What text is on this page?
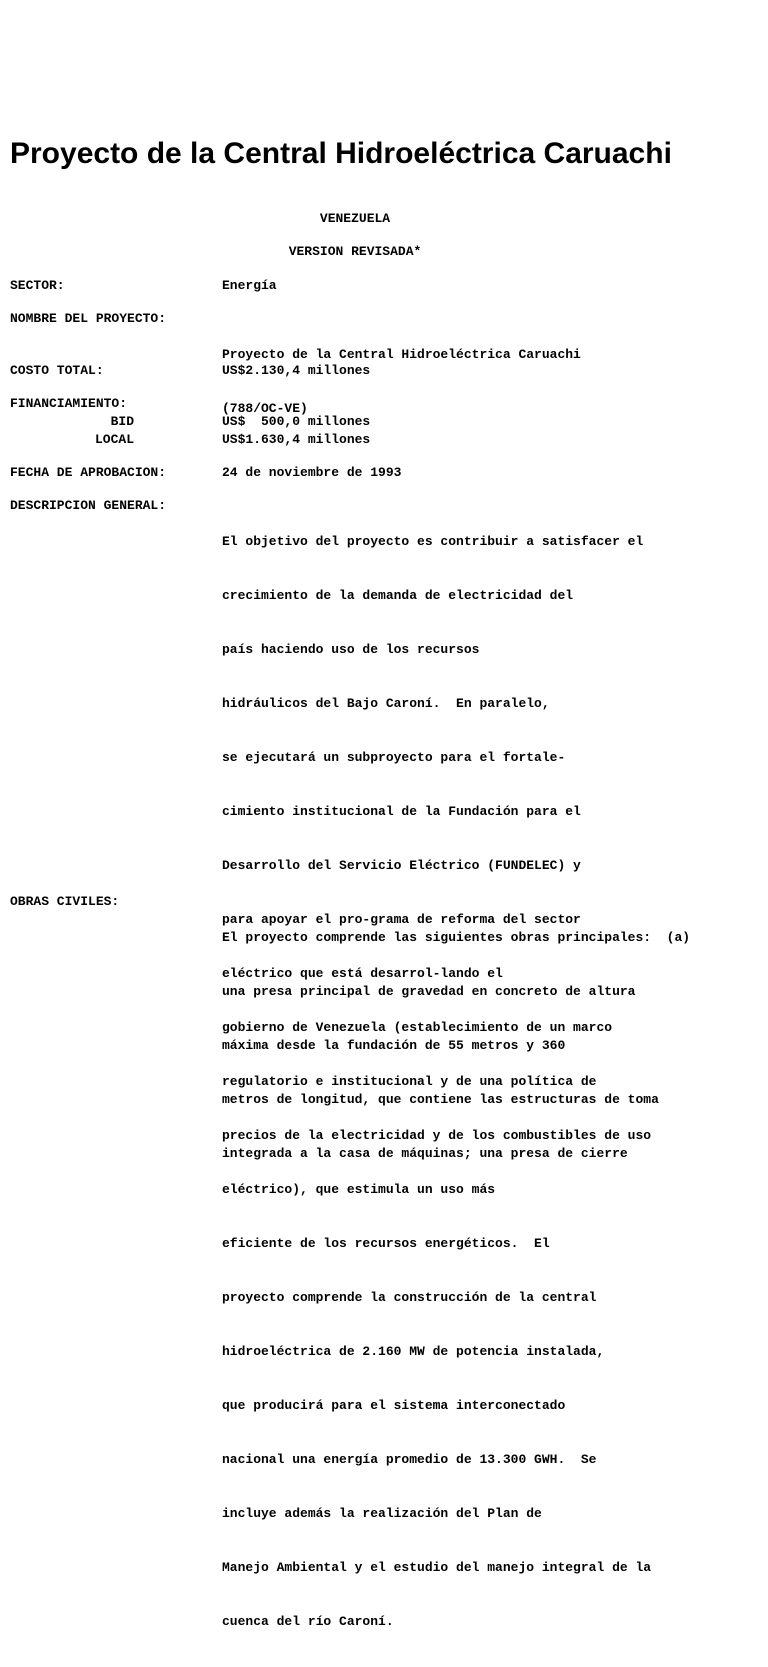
Proyecto de la Central Hidroeléctrica Caruachi
VENEZUELA
VERSION REVISADA*

SECTOR:

	Energía

NOMBRE DEL PROYECTO:

Proyecto de la Central Hidroeléctrica Caruachi

(788/OC-VE)

COSTO TOTAL:

	US$2.130,4 millones

FINANCIAMIENTO:

BID	US$  500,0 millones
LOCAL	US$1.630,4 millones

FECHA DE APROBACION:

	24 de noviembre de 1993

DESCRIPCION GENERAL:

El objetivo del proyecto es contribuir a satisfacer el

crecimiento de la demanda de electricidad del

país haciendo uso de los recursos

hidráulicos del Bajo Caroní.  En paralelo,

se ejecutará un subproyecto para el fortale-

cimiento institucional de la Fundación para el

Desarrollo del Servicio Eléctrico (FUNDELEC) y

para apoyar el pro-grama de reforma del sector

eléctrico que está desarrol-lando el

gobierno de Venezuela (establecimiento de un marco

regulatorio e institucional y de una política de

precios de la electricidad y de los combustibles de uso

eléctrico), que estimula un uso más

eficiente de los recursos energéticos.  El

proyecto comprende la construcción de la central

hidroeléctrica de 2.160 MW de potencia instalada,

que producirá para el sistema interconectado

nacional una energía promedio de 13.300 GWH.  Se

incluye además la realización del Plan de

Manejo Ambiental y el estudio del manejo integral de la

cuenca del río Caroní.

OBRAS CIVILES:

El proyecto comprende las siguientes obras principales:  (a)

una presa principal de gravedad en concreto de altura

máxima desde la fundación de 55 metros y 360

metros de longitud, que contiene las estructuras de toma

integrada a la casa de máquinas; una presa de cierre
